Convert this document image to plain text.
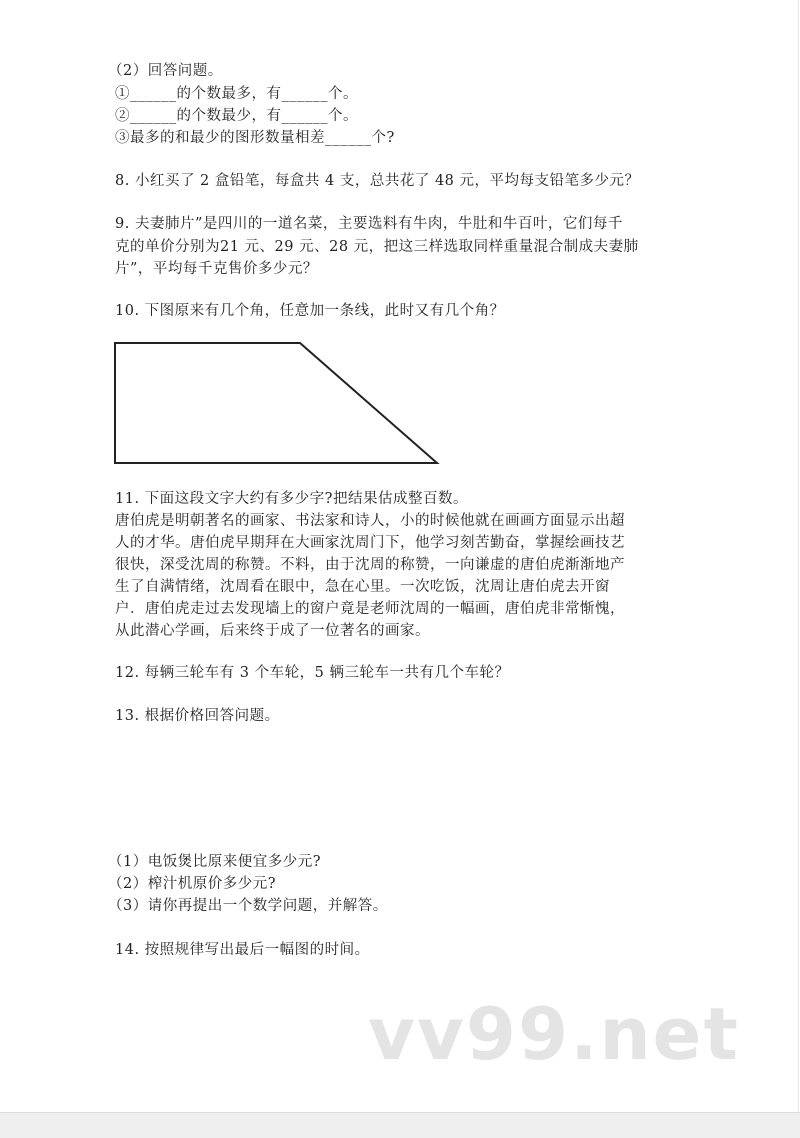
（2）回答问题。
①______的个数最多，有______个。
②______的个数最少，有______个。
③最多的和最少的图形数量相差______个?
8. 小红买了 2 盒铅笔，每盒共 4 支，总共花了 48 元，平均每支铅笔多少元？
9. 夫妻肺片”是四川的一道名菜，主要选料有牛肉，牛肚和牛百叶，它们每千
克的单价分别为21 元、29 元、28 元，把这三样选取同样重量混合制成夫妻肺
片”，平均每千克售价多少元？
10. 下图原来有几个角，任意加一条线，此时又有几个角？
11. 下面这段文字大约有多少字?把结果估成整百数。
唐伯虎是明朝著名的画家、书法家和诗人，小的时候他就在画画方面显示出超
人的才华。唐伯虎早期拜在大画家沈周门下，他学习刻苦勤奋，掌握绘画技艺
很快，深受沈周的称赞。不料，由于沈周的称赞，一向谦虚的唐伯虎渐渐地产
生了自满情绪，沈周看在眼中，急在心里。一次吃饭，沈周让唐伯虎去开窗
户．唐伯虎走过去发现墙上的窗户竟是老师沈周的一幅画，唐伯虎非常惭愧，
从此潜心学画，后来终于成了一位著名的画家。
12. 每辆三轮车有 3 个车轮，5 辆三轮车一共有几个车轮？
13. 根据价格回答问题。
（1）电饭煲比原来便宜多少元?
（2）榨汁机原价多少元?
（3）请你再提出一个数学问题，并解答。
14. 按照规律写出最后一幅图的时间。
vv99.net
